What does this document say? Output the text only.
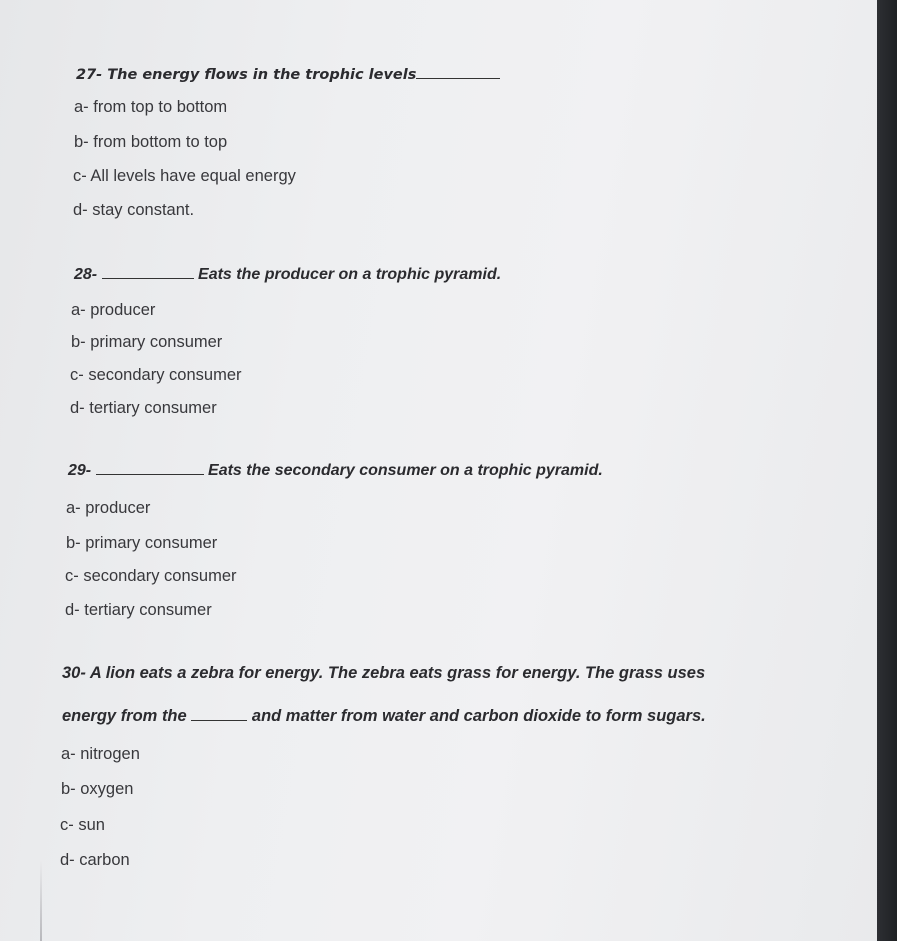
27- The energy flows in the trophic levels
a- from top to bottom
b- from bottom to top
c- All levels have equal energy
d- stay constant.
28-	Eats the producer on a trophic pyramid.
a- producer
b- primary consumer
c- secondary consumer
d- tertiary consumer
29-	Eats the secondary consumer on a trophic pyramid.
a- producer
b- primary consumer
c- secondary consumer
d- tertiary consumer
30- A lion eats a zebra for energy. The zebra eats grass for energy. The grass uses
energy from the	and matter from water and carbon dioxide to form sugars.
a- nitrogen
b- oxygen
c- sun
d- carbon
